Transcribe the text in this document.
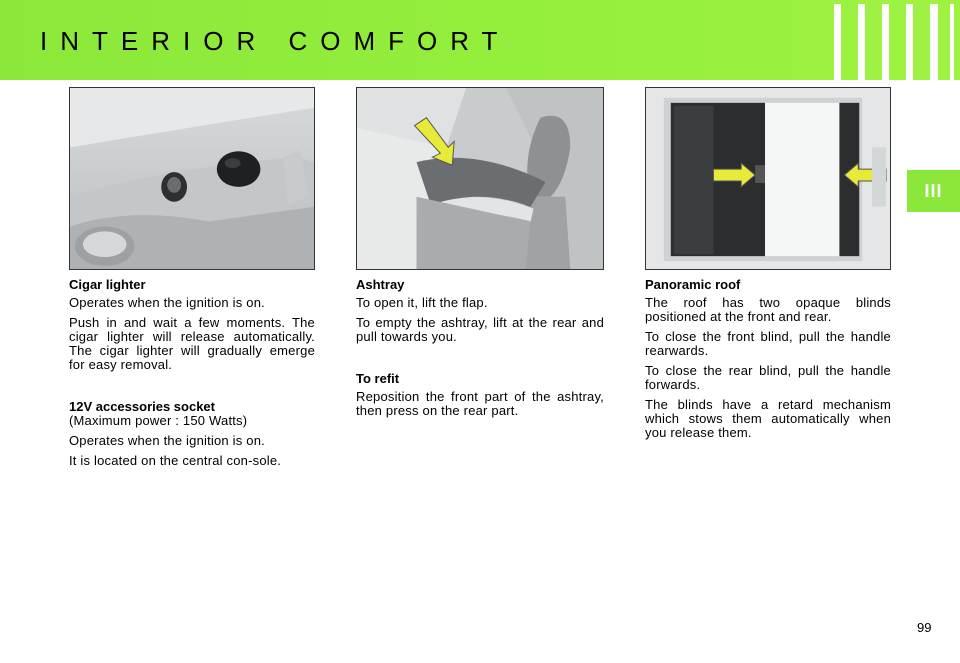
INTERIOR COMFORT
III
Cigar lighter

Operates when the ignition is on.

Push in and wait a few moments. The cigar lighter will release automatically. The cigar lighter will gradually emerge for easy removal.

12V accessories socket

(Maximum power : 150 Watts)

Operates when the ignition is on.

It is located on the central con-sole.

Ashtray

To open it, lift the flap.

To empty the ashtray, lift at the rear and pull towards you.

To refit

Reposition the front part of the ashtray, then press on the rear part.

Panoramic roof

The roof has two opaque blinds positioned at the front and rear.

To close the front blind, pull the handle rearwards.

To close the rear blind, pull the handle forwards.

The blinds have a retard mechanism which stows them automatically when you release them.

99
